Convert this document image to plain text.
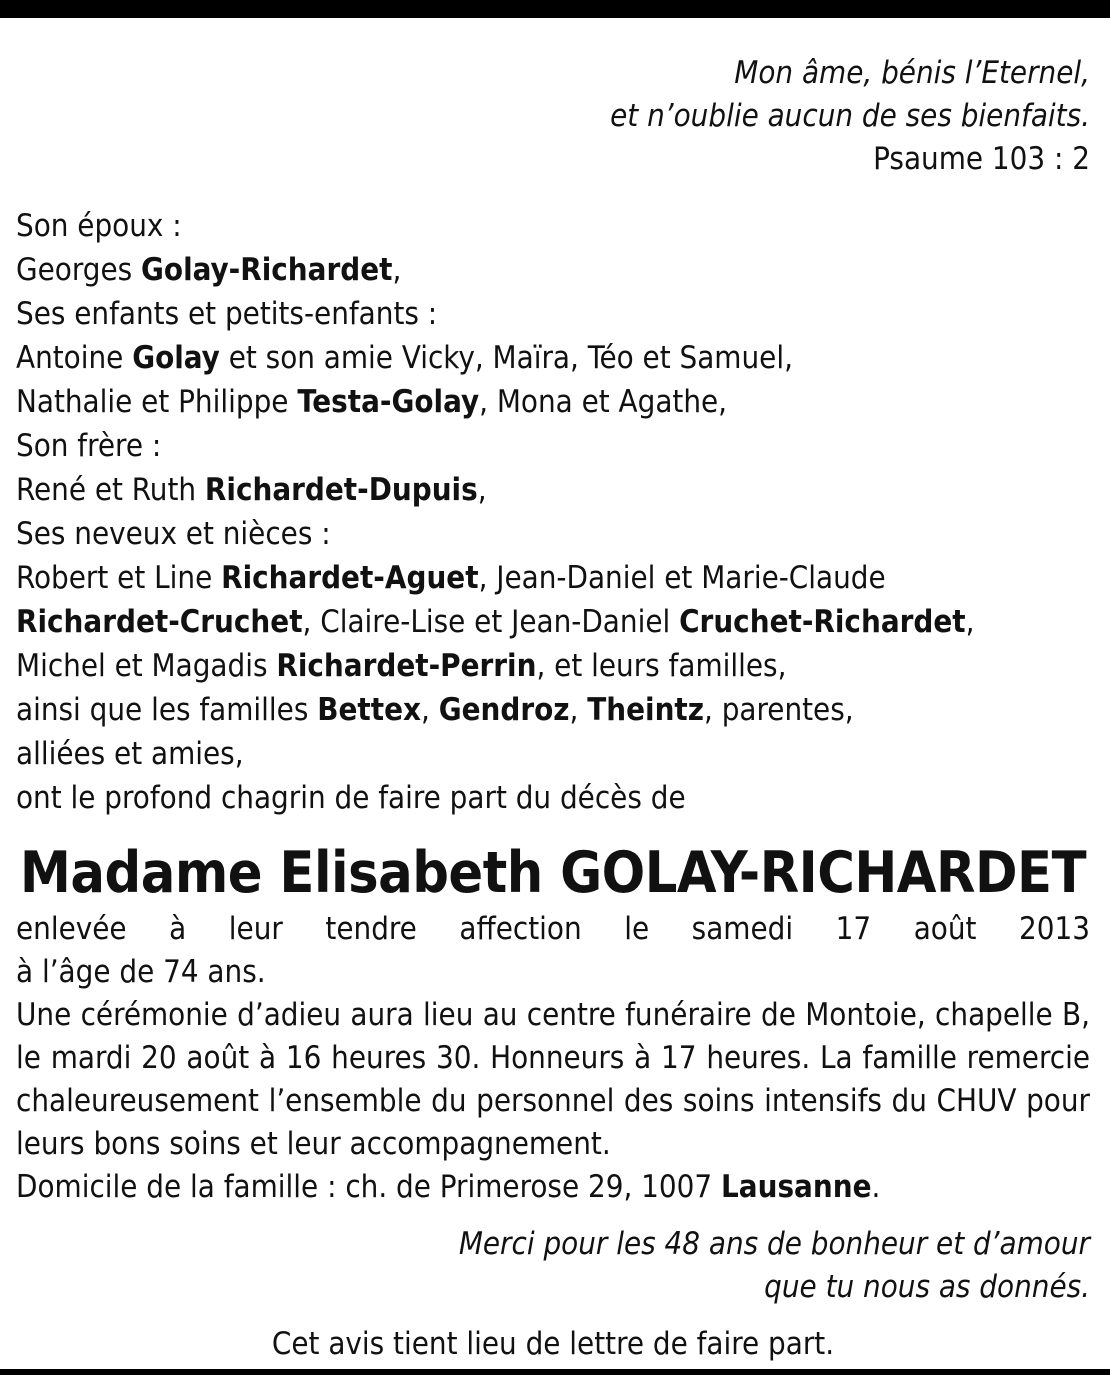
Mon âme, bénis l’Eternel,
et n’oublie aucun de ses bienfaits.
Psaume 103 : 2
Son époux :
Georges Golay-Richardet,
Ses enfants et petits-enfants :
Antoine Golay et son amie Vicky, Maïra, Téo et Samuel,
Nathalie et Philippe Testa-Golay, Mona et Agathe,
Son frère :
René et Ruth Richardet-Dupuis,
Ses neveux et nièces :
Robert et Line Richardet-Aguet, Jean-Daniel et Marie-Claude
Richardet-Cruchet, Claire-Lise et Jean-Daniel Cruchet-Richardet,
Michel et Magadis Richardet-Perrin, et leurs familles,
ainsi que les familles Bettex, Gendroz, Theintz, parentes,
alliées et amies,
ont le profond chagrin de faire part du décès de
Madame Elisabeth GOLAY-RICHARDET
enlevée à leur tendre affection le samedi 17 août 2013
à l’âge de 74 ans.
Une cérémonie d’adieu aura lieu au centre funéraire de Montoie, chapelle B, le mardi 20 août à 16 heures 30. Honneurs à 17 heures. La famille remercie chaleureusement l’ensemble du personnel des soins intensifs du CHUV pour leurs bons soins et leur accompagnement.
Domicile de la famille : ch. de Primerose 29, 1007 Lausanne.
Merci pour les 48 ans de bonheur et d’amour
que tu nous as donnés.
Cet avis tient lieu de lettre de faire part.
